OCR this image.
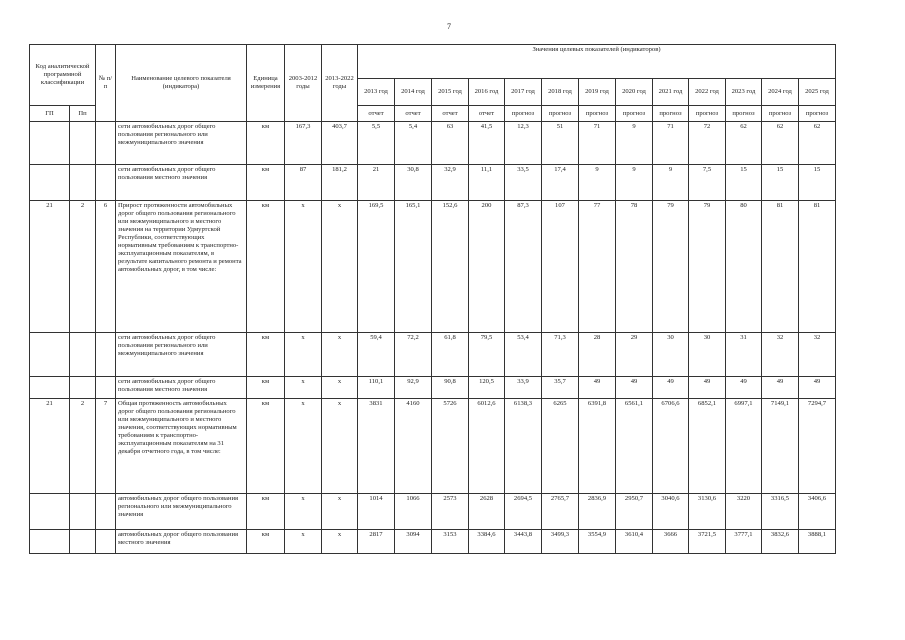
7
Код аналитической программной классификации		№ п/п	Наименование целевого показателя (индикатора)	Единица измерения	2003-2012 годы	2013-2022 годы	Значения целевых показателей (индикаторов)												
							2013 год	2014 год	2015 год	2016 год	2017 год	2018 год	2019 год	2020 год	2021 год	2022 год	2023 год	2024 год	2025 год
ГП	Пп						отчет	отчет	отчет	отчет	прогноз	прогноз	прогноз	прогноз	прогноз	прогноз	прогноз	прогноз	прогноз
			сети автомобильных дорог общего пользования регионального или межмуниципального значения	км	167,3	403,7	5,5	5,4	63	41,5	12,3	51	71	9	71	72	62	62	62
			сети автомобильных дорог общего пользования местного значения	км	87	181,2	21	30,8	32,9	11,1	33,5	17,4	9	9	9	7,5	15	15	15
21	2	6	Прирост протяженности автомобильных дорог общего пользования регионального или межмуниципального и местного значения на территории Удмуртской Республики, соответствующих нормативным требованиям к транспортно-эксплуатационным показателям, в результате капитального ремонта и ремонта автомобильных дорог, в том числе:	км	х	х	169,5	165,1	152,6	200	87,3	107	77	78	79	79	80	81	81
			сети автомобильных дорог общего пользования регионального или межмуниципального значения	км	х	х	59,4	72,2	61,8	79,5	53,4	71,3	28	29	30	30	31	32	32
			сети автомобильных дорог общего пользования местного значения	км	х	х	110,1	92,9	90,8	120,5	33,9	35,7	49	49	49	49	49	49	49
21	2	7	Общая протяженность автомобильных дорог общего пользования регионального или межмуниципального и местного значения, соответствующих нормативным требованиям к транспортно-эксплуатационным показателям на 31 декабря отчетного года, в том числе:	км	х	х	3831	4160	5726	6012,6	6138,3	6265	6391,8	6561,1	6706,6	6852,1	6997,1	7149,1	7294,7
			автомобильных дорог общего пользования регионального или межмуниципального значения	км	х	х	1014	1066	2573	2628	2694,5	2765,7	2836,9	2950,7	3040,6	3130,6	3220	3316,5	3406,6
			автомобильных дорог общего пользования местного значения	км	х	х	2817	3094	3153	3384,6	3443,8	3499,3	3554,9	3610,4	3666	3721,5	3777,1	3832,6	3888,1
